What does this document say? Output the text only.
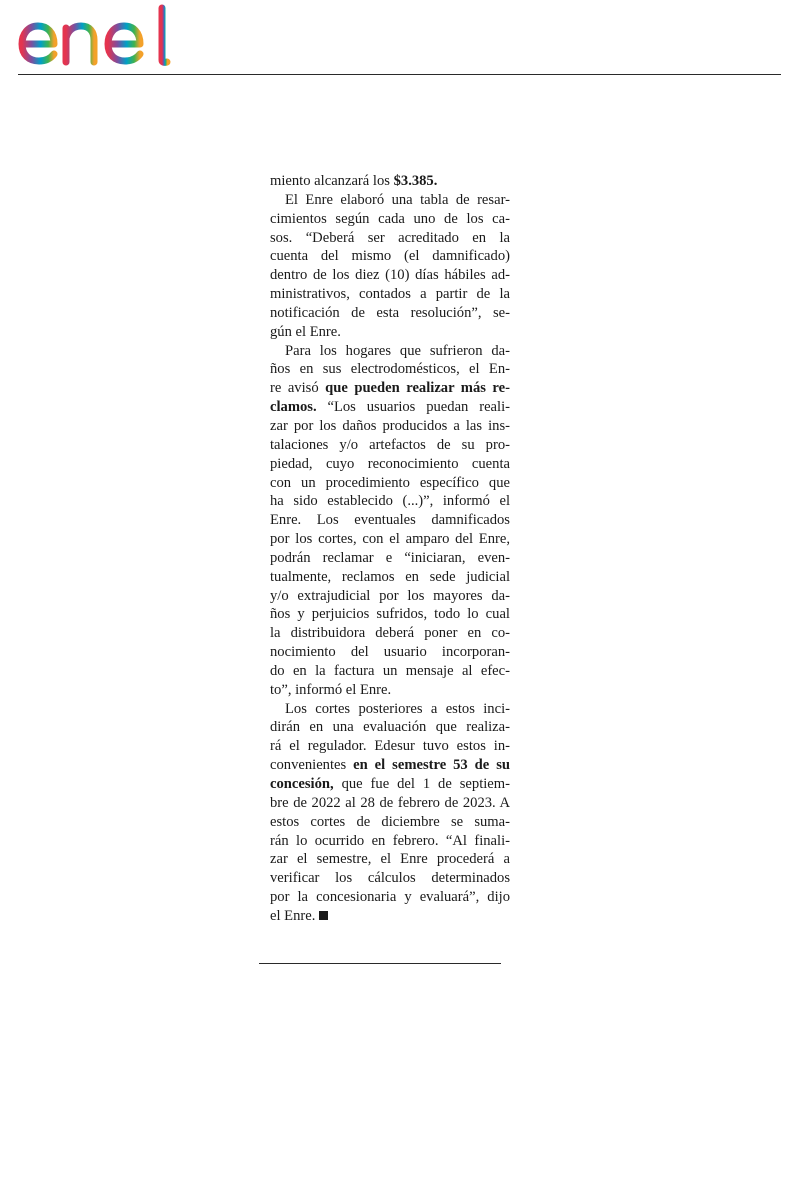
miento alcanzará los $3.385.

El Enre elaboró una tabla de resar-
cimientos según cada uno de los ca-
sos. “Deberá ser acreditado en la
cuenta del mismo (el damnificado)
dentro de los diez (10) días hábiles ad-
ministrativos, contados a partir de la
notificación de esta resolución”, se-
gún el Enre.

Para los hogares que sufrieron da-
ños en sus electrodomésticos, el En-
re avisó que pueden realizar más re-
clamos. “Los usuarios puedan reali-
zar por los daños producidos a las ins-
talaciones y/o artefactos de su pro-
piedad, cuyo reconocimiento cuenta
con un procedimiento específico que
ha sido establecido (...)”, informó el
Enre. Los eventuales damnificados
por los cortes, con el amparo del Enre,
podrán reclamar e “iniciaran, even-
tualmente, reclamos en sede judicial
y/o extrajudicial por los mayores da-
ños y perjuicios sufridos, todo lo cual
la distribuidora deberá poner en co-
nocimiento del usuario incorporan-
do en la factura un mensaje al efec-
to”, informó el Enre.

Los cortes posteriores a estos inci-
dirán en una evaluación que realiza-
rá el regulador. Edesur tuvo estos in-
convenientes en el semestre 53 de su
concesión, que fue del 1 de septiem-
bre de 2022 al 28 de febrero de 2023. A
estos cortes de diciembre se suma-
rán lo ocurrido en febrero. “Al finali-
zar el semestre, el Enre procederá a
verificar los cálculos determinados
por la concesionaria y evaluará”, dijo
el Enre.
